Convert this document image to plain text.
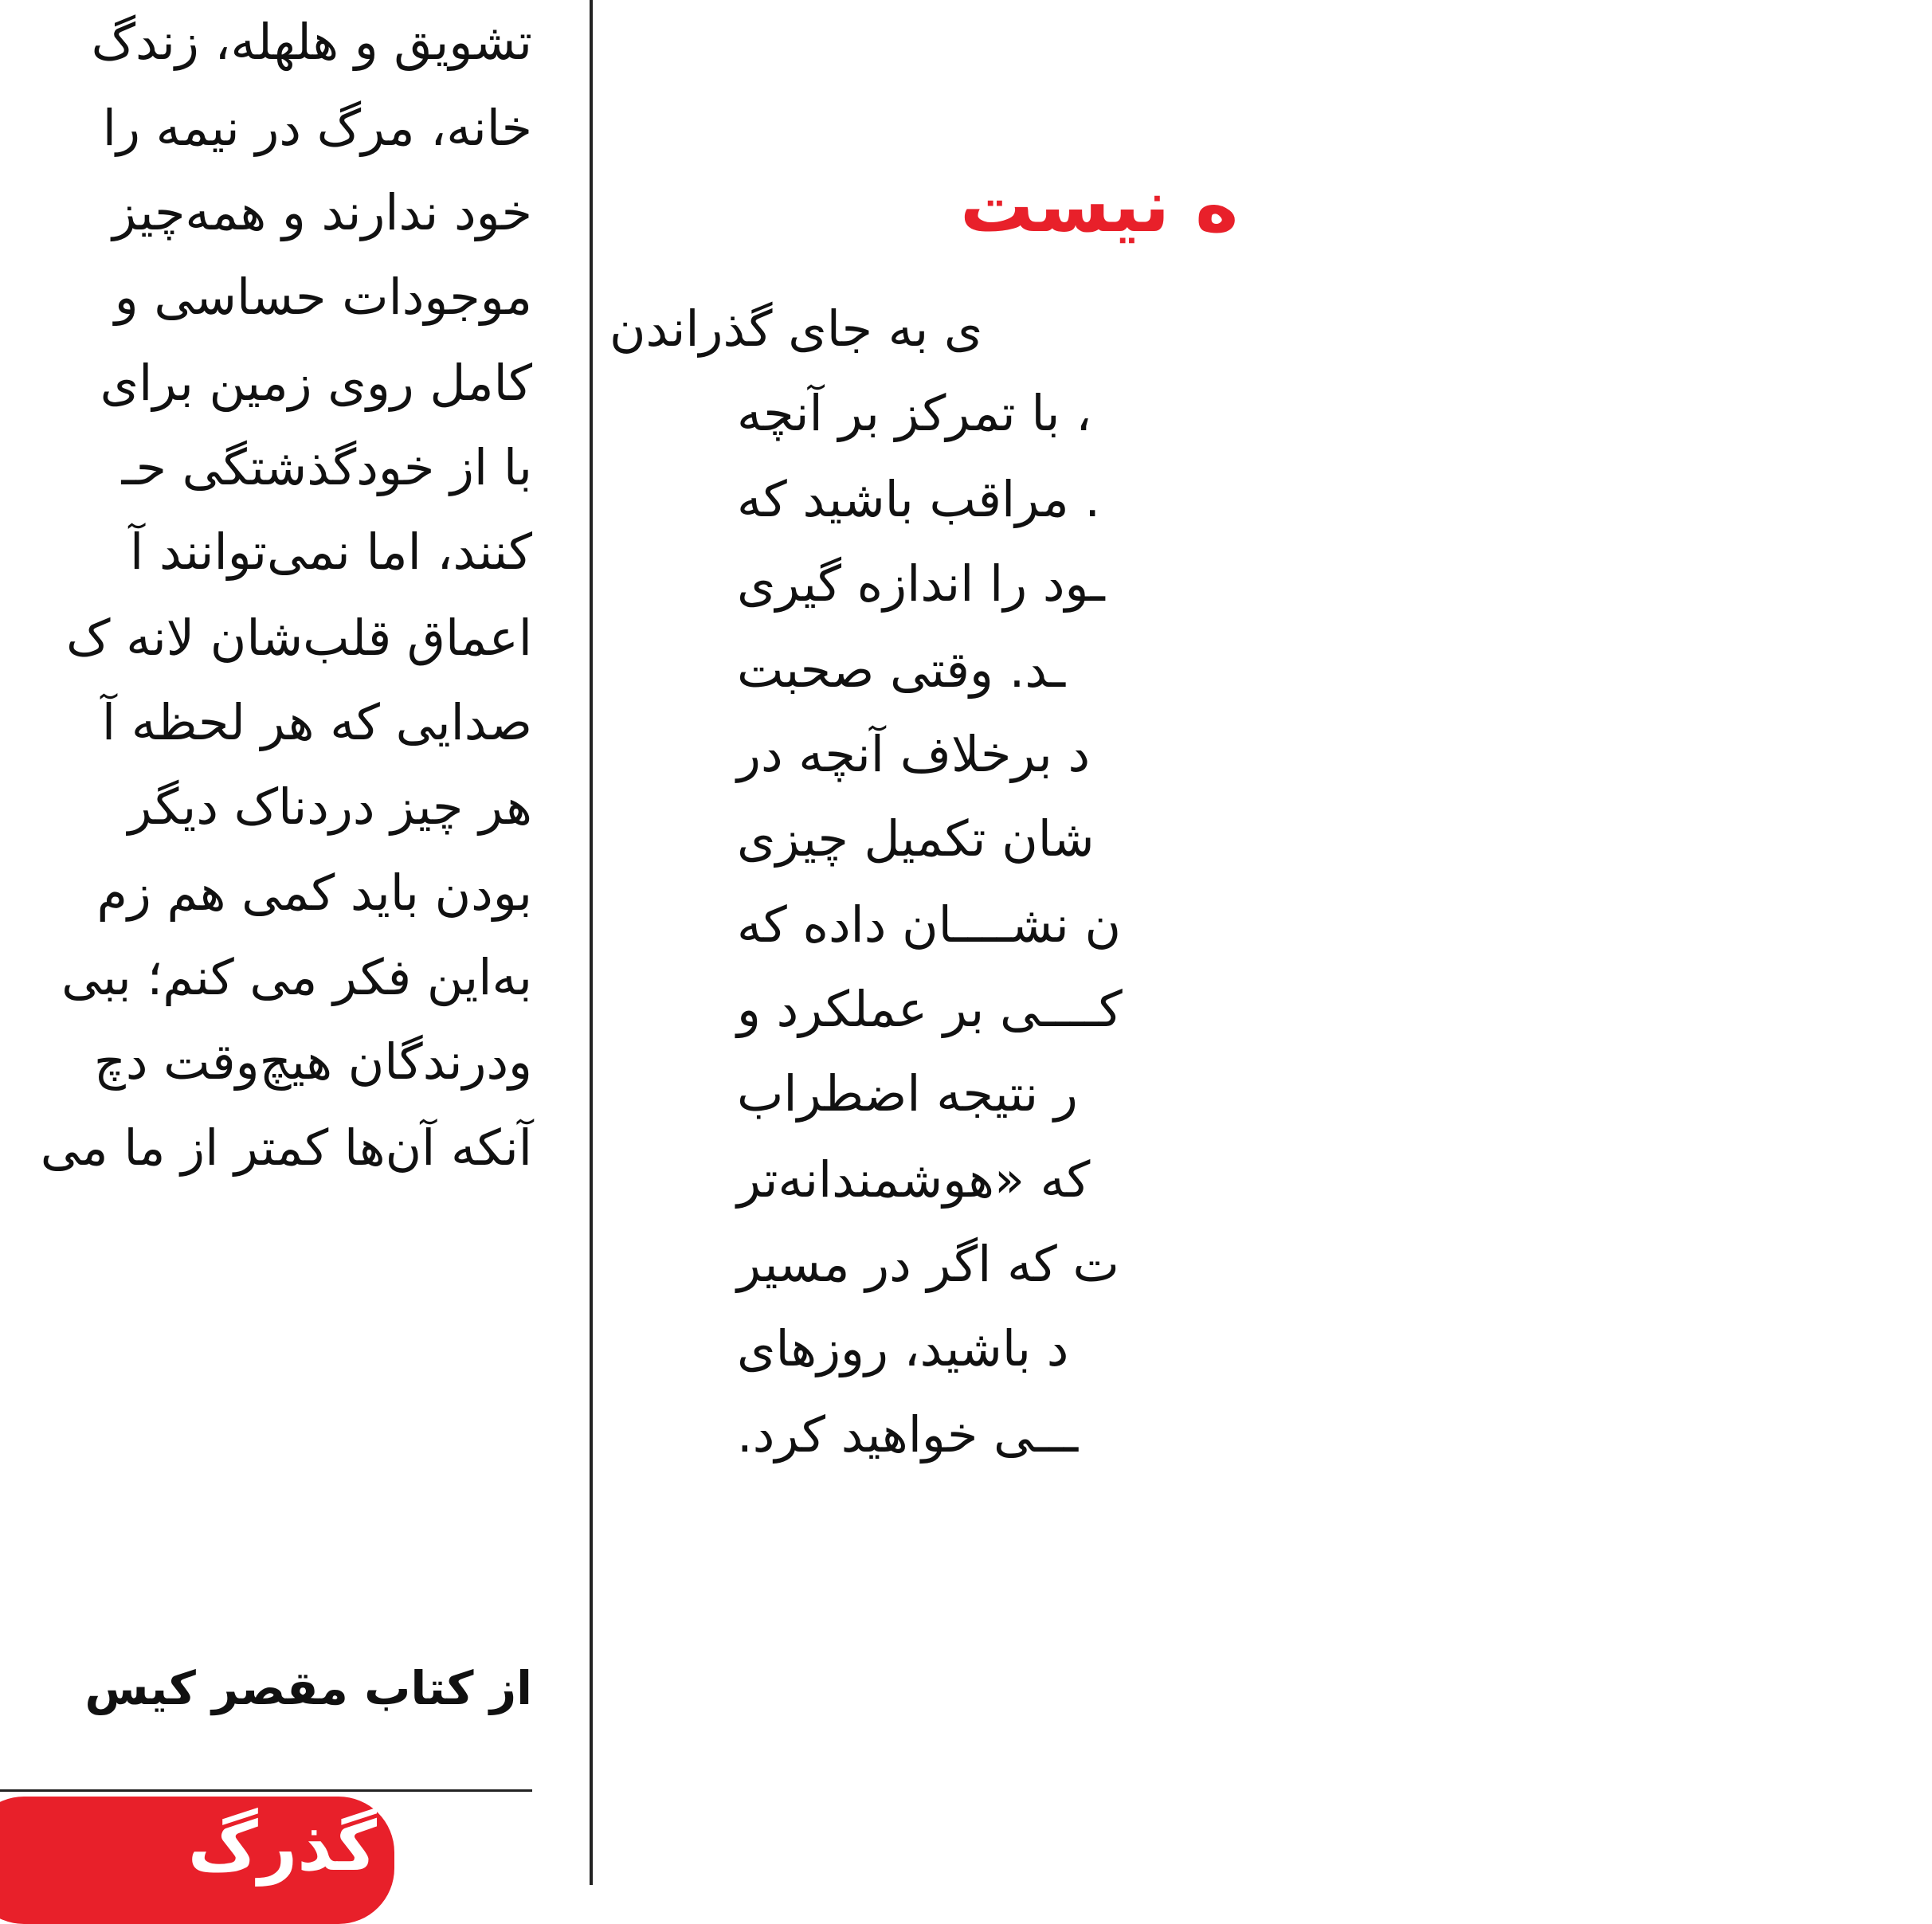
تشویق و هلهله، زندگ
خانه، مرگ در نیمه را
خود ندارند و همه‌چیز
موجودات حساسی و
کامل روی زمین برای
با از خودگذشتگی حـ
کنند، اما نمی‌توانند آ
اعماق قلب‌شان لانه ک
صدایی که هر لحظه آ
هر چیز دردناک دیگر
بودن باید کمی هم زم
به‌این فکر می کنم؛ ببی
ودرندگان هیچ‌وقت دچ
آنکه آن‌ها کمتر از ما می
از کتاب مقصر کیس
گذرگ
ه نیست
ی به جای گذراندن
، با تمرکز بر آنچه
. مراقب باشید که
ـود را اندازه گیری
ـد. وقتی صحبت
د برخلاف آنچه در
شان تکمیل چیزی
ن نشــــان داده که
کــــی بر عملکرد و
ر نتیجه اضطراب
که «هوشمندانه‌تر
ت که اگر در مسیر
د باشید، روزهای
ـــی خواهید کرد.
